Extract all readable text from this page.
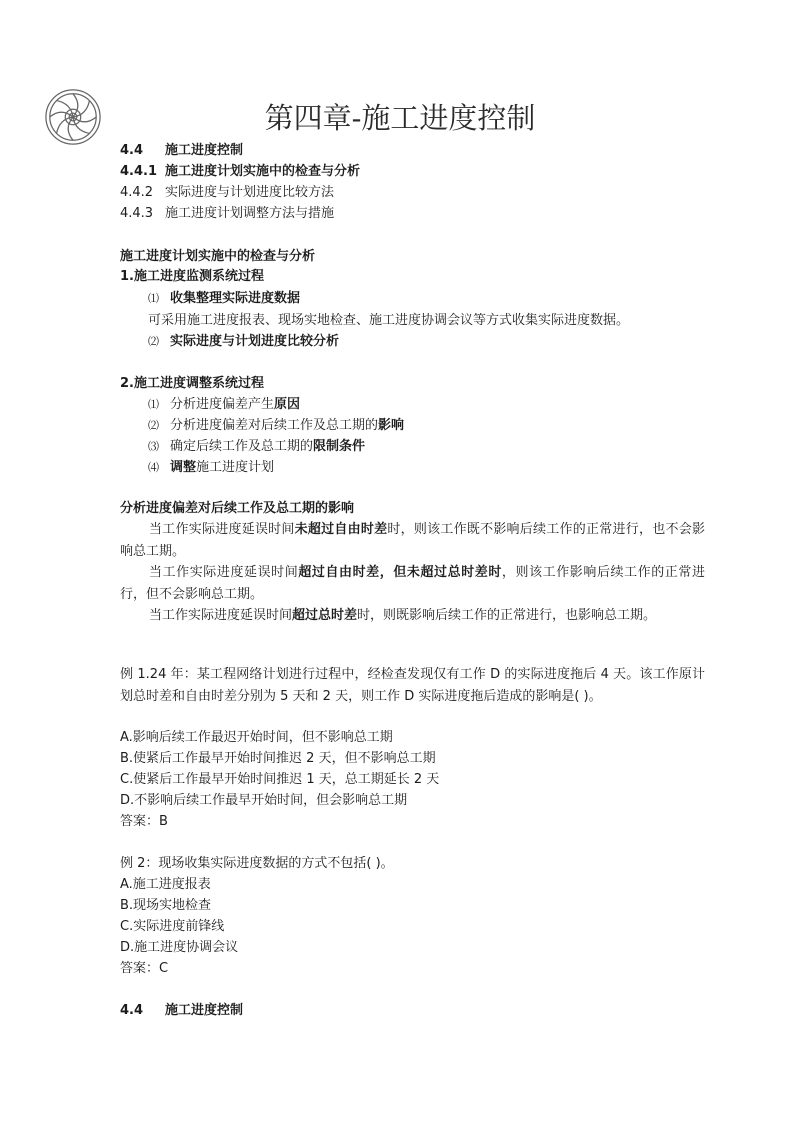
第四章-施工进度控制
4.4 施工进度控制
4.4.1 施工进度计划实施中的检查与分析
4.4.2 实际进度与计划进度比较方法
4.4.3 施工进度计划调整方法与措施
施工进度计划实施中的检查与分析
1.施工进度监测系统过程
⑴ 收集整理实际进度数据
可采用施工进度报表、现场实地检查、施工进度协调会议等方式收集实际进度数据。
⑵ 实际进度与计划进度比较分析
2.施工进度调整系统过程
⑴ 分析进度偏差产生原因
⑵ 分析进度偏差对后续工作及总工期的影响
⑶ 确定后续工作及总工期的限制条件
⑷ 调整施工进度计划
分析进度偏差对后续工作及总工期的影响
当工作实际进度延误时间未超过自由时差时，则该工作既不影响后续工作的正常进行，也不会影响总工期。
当工作实际进度延误时间超过自由时差，但未超过总时差时，则该工作影响后续工作的正常进行，但不会影响总工期。
当工作实际进度延误时间超过总时差时，则既影响后续工作的正常进行，也影响总工期。
例 1.24 年：某工程网络计划进行过程中，经检查发现仅有工作 D 的实际进度拖后 4 天。该工作原计划总时差和自由时差分别为 5 天和 2 天，则工作 D 实际进度拖后造成的影响是( )。
A.影响后续工作最迟开始时间，但不影响总工期
B.使紧后工作最早开始时间推迟 2 天，但不影响总工期
C.使紧后工作最早开始时间推迟 1 天，总工期延长 2 天
D.不影响后续工作最早开始时间，但会影响总工期
答案：B
例 2：现场收集实际进度数据的方式不包括( )。
A.施工进度报表
B.现场实地检查
C.实际进度前锋线
D.施工进度协调会议
答案：C
4.4 施工进度控制
